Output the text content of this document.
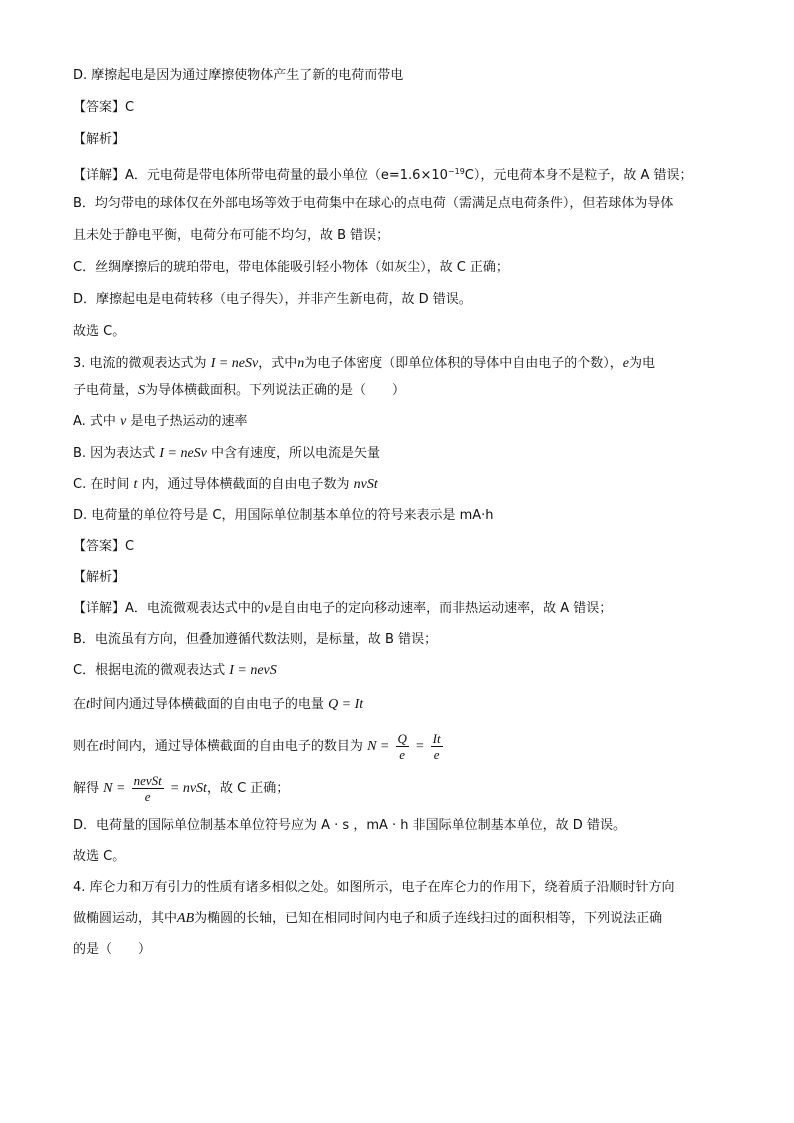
D. 摩擦起电是因为通过摩擦使物体产生了新的电荷而带电
【答案】C
【解析】
【详解】A．元电荷是带电体所带电荷量的最小单位$(e=1.6\times 10^{-19}C)$，元电荷本身不是粒子，故 A 错误；
B．均匀带电的球体仅在外部电场等效于电荷集中在球心的点电荷（需满足点电荷条件），但若球体为导体
且未处于静电平衡，电荷分布可能不均匀，故 B 错误；
C．丝绸摩擦后的琥珀带电，带电体能吸引轻小物体（如灰尘），故 C 正确；
D．摩擦起电是电荷转移（电子得失），并非产生新电荷，故 D 错误。
故选 C。
3. 电流的微观表达式为 I = neSv，式中n为电子体密度（即单位体积的导体中自由电子的个数），e为电
子电荷量，S为导体横截面积。下列说法正确的是（　　）
A. 式中 v 是电子热运动的速率
B. 因为表达式 I = neSv 中含有速度，所以电流是矢量
C. 在时间 t 内，通过导体横截面的自由电子数为 nvSt
D. 电荷量的单位符号是 C，用国际单位制基本单位的符号来表示是 mA·h
【答案】C
【解析】
【详解】A．电流微观表达式中的v是自由电子的定向移动速率，而非热运动速率，故 A 错误；
B．电流虽有方向，但叠加遵循代数法则，是标量，故 B 错误；
C．根据电流的微观表达式 I = nevS
在t时间内通过导体横截面的自由电子的电量 Q = It
则在t时间内，通过导体横截面的自由电子的数目为 $N = \frac{Q}{e} = \frac{It}{e}$
解得 $N = \frac{\text{nevSt}}{e}$ = nvSt，故 C 正确；
D．电荷量的国际单位制基本单位符号应为 A · s ，mA · h 非国际单位制基本单位，故 D 错误。
故选 C。
4. 库仑力和万有引力的性质有诸多相似之处。如图所示，电子在库仑力的作用下，绕着质子沿顺时针方向
做椭圆运动，其中AB为椭圆的长轴，已知在相同时间内电子和质子连线扫过的面积相等，下列说法正确
的是（　　）
